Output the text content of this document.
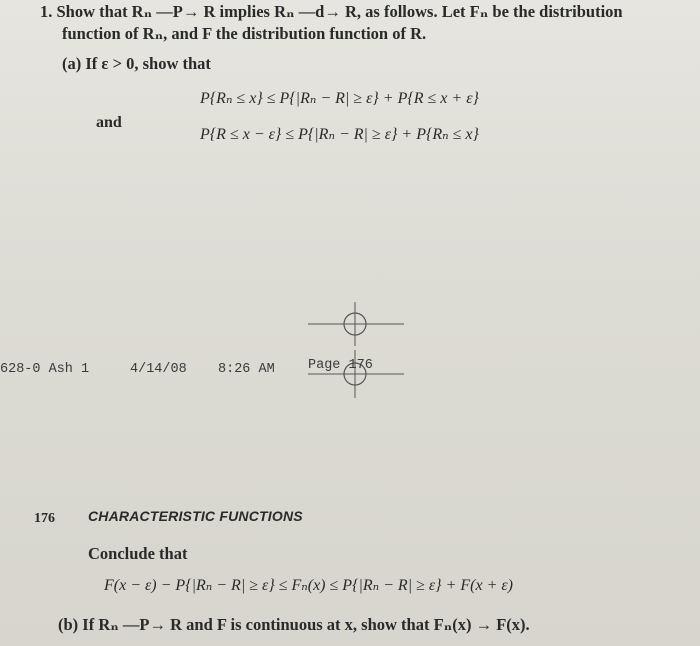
1. Show that Rₙ —P→ R implies Rₙ —d→ R, as follows. Let Fₙ be the distribution
function of Rₙ, and F the distribution function of R.
(a) If ε > 0, show that
P{Rₙ ≤ x} ≤ P{|Rₙ − R| ≥ ε} + P{R ≤ x + ε}
and
P{R ≤ x − ε} ≤ P{|Rₙ − R| ≥ ε} + P{Rₙ ≤ x}
628-0 Ash 1	4/14/08 8:26 AM Page 176
176 CHARACTERISTIC FUNCTIONS
Conclude that
F(x − ε) − P{|Rₙ − R| ≥ ε} ≤ Fₙ(x) ≤ P{|Rₙ − R| ≥ ε} + F(x + ε)
(b) If Rₙ —P→ R and F is continuous at x, show that Fₙ(x) → F(x).
